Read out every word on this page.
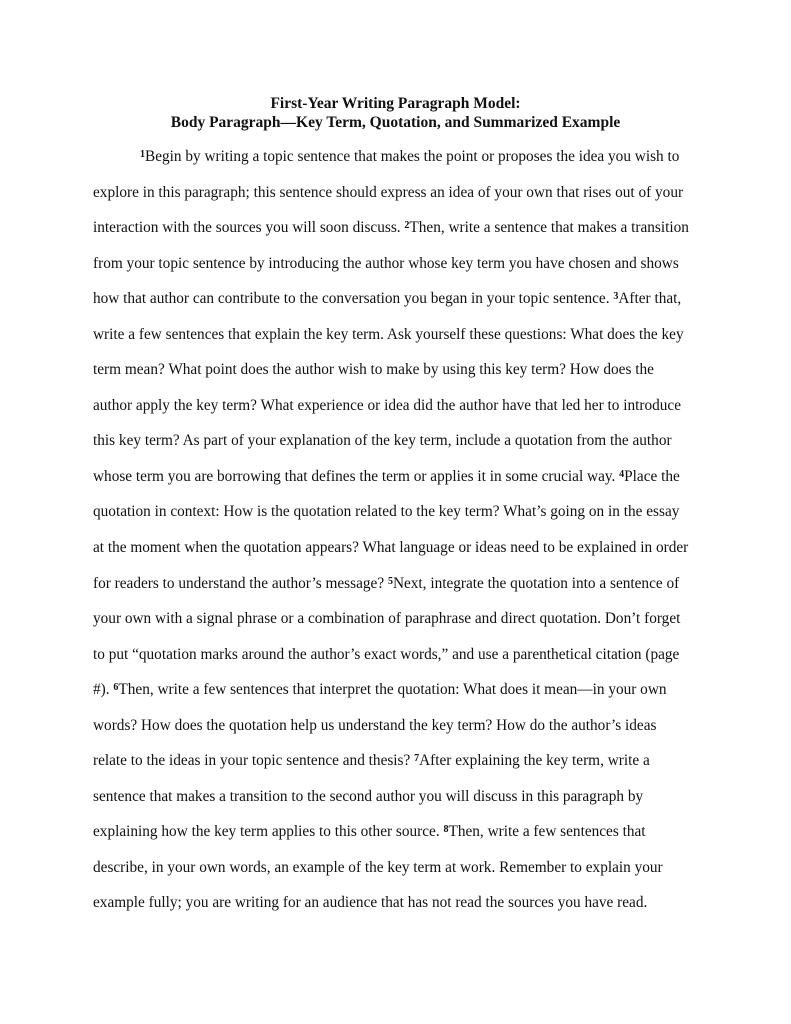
First-Year Writing Paragraph Model:
Body Paragraph—Key Term, Quotation, and Summarized Example
$^1$Begin by writing a topic sentence that makes the point or proposes the idea you wish to
explore in this paragraph; this sentence should express an idea of your own that rises out of your
interaction with the sources you will soon discuss. $^2$Then, write a sentence that makes a transition
from your topic sentence by introducing the author whose key term you have chosen and shows
how that author can contribute to the conversation you began in your topic sentence. $^3$After that,
write a few sentences that explain the key term. Ask yourself these questions: What does the key
term mean? What point does the author wish to make by using this key term? How does the
author apply the key term? What experience or idea did the author have that led her to introduce
this key term? As part of your explanation of the key term, include a quotation from the author
whose term you are borrowing that defines the term or applies it in some crucial way. $^4$Place the
quotation in context: How is the quotation related to the key term? What’s going on in the essay
at the moment when the quotation appears? What language or ideas need to be explained in order
for readers to understand the author’s message? $^5$Next, integrate the quotation into a sentence of
your own with a signal phrase or a combination of paraphrase and direct quotation. Don’t forget
to put “quotation marks around the author’s exact words,” and use a parenthetical citation (page
#). $^6$Then, write a few sentences that interpret the quotation: What does it mean—in your own
words? How does the quotation help us understand the key term? How do the author’s ideas
relate to the ideas in your topic sentence and thesis? $^7$After explaining the key term, write a
sentence that makes a transition to the second author you will discuss in this paragraph by
explaining how the key term applies to this other source. $^8$Then, write a few sentences that
describe, in your own words, an example of the key term at work. Remember to explain your
example fully; you are writing for an audience that has not read the sources you have read.
